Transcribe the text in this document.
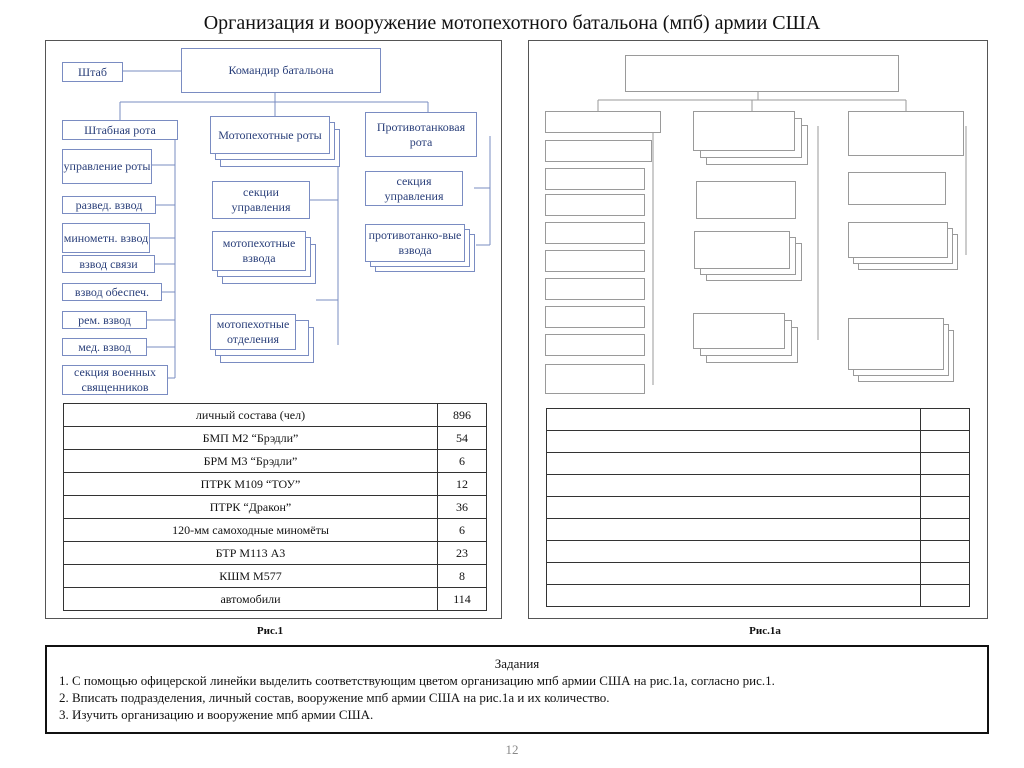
Организация и вооружение мотопехотного батальона (мпб) армии США
Штаб	Командир батальона
Штабная рота
управление роты
развед. взвод
минометн. взвод
взвод связи
взвод обеспеч.
рем. взвод
мед. взвод
секция военных священников
Мотопехотные роты
секции управления
мотопехотные взвода
мотопехотные отделения
Противотанковая рота
секция управления
противотанко-вые взвода
личный состава (чел)	896
БМП М2 “Брэдли”	54
БРМ М3 “Брэдли”	6
ПТРК М109 “ТОУ”	12
ПТРК “Дракон”	36
120-мм самоходные миномёты	6
БТР М113 А3	23
КШМ М577	8
автомобили	114
Рис.1

		Рис.1а
Задания
1. С помощью офицерской линейки выделить соответствующим цветом организацию мпб армии США на рис.1а, согласно рис.1.
2. Вписать подразделения, личный состав, вооружение мпб армии США на рис.1а и их количество.
3. Изучить организацию и вооружение мпб армии США.
12
